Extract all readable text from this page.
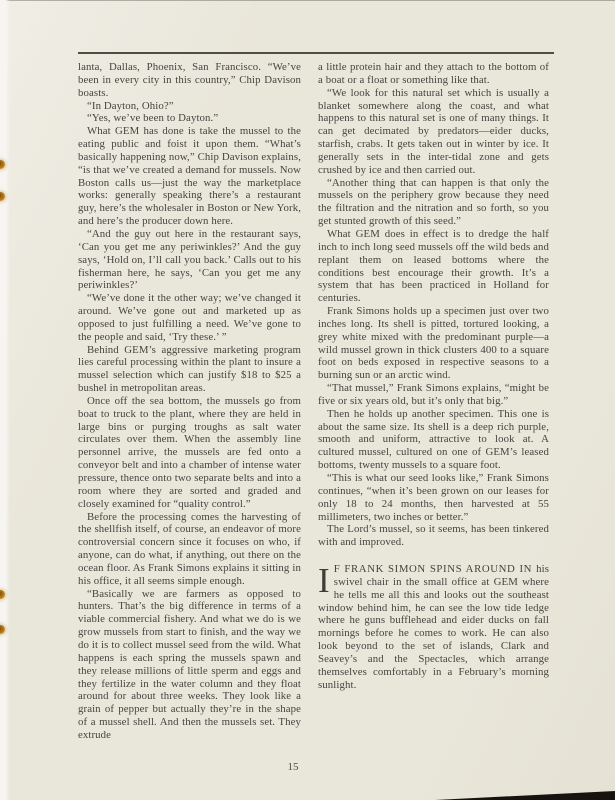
lanta, Dallas, Phoenix, San Francisco. “We’ve been in every city in this country,” Chip Davison boasts.

“In Dayton, Ohio?”

“Yes, we’ve been to Dayton.”

What GEM has done is take the mussel to the eating public and foist it upon them. “What’s basically happening now,” Chip Davison explains, “is that we’ve created a demand for mussels. Now Boston calls us—just the way the marketplace works: generally speaking there’s a restaurant guy, here’s the wholesaler in Boston or New York, and here’s the producer down here.

“And the guy out here in the restaurant says, ‘Can you get me any periwinkles?’ And the guy says, ‘Hold on, I’ll call you back.’ Calls out to his fisherman here, he says, ‘Can you get me any periwinkles?’

“We’ve done it the other way; we’ve changed it around. We’ve gone out and marketed up as opposed to just fulfilling a need. We’ve gone to the people and said, ‘Try these.’ ”

Behind GEM’s aggressive marketing program lies careful processing within the plant to insure a mussel selection which can justify $18 to $25 a bushel in metropolitan areas.

Once off the sea bottom, the mussels go from boat to truck to the plant, where they are held in large bins or purging troughs as salt water circulates over them. When the assembly line personnel arrive, the mussels are fed onto a conveyor belt and into a chamber of intense water pressure, thence onto two separate belts and into a room where they are sorted and graded and closely examined for “quality control.”

Before the processing comes the harvesting of the shellfish itself, of course, an endeavor of more controversial concern since it focuses on who, if anyone, can do what, if anything, out there on the ocean floor. As Frank Simons explains it sitting in his office, it all seems simple enough.

“Basically we are farmers as opposed to hunters. That’s the big difference in terms of a viable commercial fishery. And what we do is we grow mussels from start to finish, and the way we do it is to collect mussel seed from the wild. What happens is each spring the mussels spawn and they release millions of little sperm and eggs and they fertilize in the water column and they float around for about three weeks. They look like a grain of pepper but actually they’re in the shape of a mussel shell. And then the mussels set. They extrude

a little protein hair and they attach to the bottom of a boat or a float or something like that.

“We look for this natural set which is usually a blanket somewhere along the coast, and what happens to this natural set is one of many things. It can get decimated by predators—eider ducks, starfish, crabs. It gets taken out in winter by ice. It generally sets in the inter-tidal zone and gets crushed by ice and then carried out.

“Another thing that can happen is that only the mussels on the periphery grow because they need the filtration and the nitration and so forth, so you get stunted growth of this seed.”

What GEM does in effect is to dredge the half inch to inch long seed mussels off the wild beds and replant them on leased bottoms where the conditions best encourage their growth. It’s a system that has been practiced in Holland for centuries.

Frank Simons holds up a specimen just over two inches long. Its shell is pitted, tortured looking, a grey white mixed with the predominant purple—a wild mussel grown in thick clusters 400 to a square foot on beds exposed in respective seasons to a burning sun or an arctic wind.

“That mussel,” Frank Simons explains, “might be five or six years old, but it’s only that big.”

Then he holds up another specimen. This one is about the same size. Its shell is a deep rich purple, smooth and uniform, attractive to look at. A cultured mussel, cultured on one of GEM’s leased bottoms, twenty mussels to a square foot.

“This is what our seed looks like,” Frank Simons continues, “when it’s been grown on our leases for only 18 to 24 months, then harvested at 55 millimeters, two inches or better.”

The Lord’s mussel, so it seems, has been tinkered with and improved.

I F FRANK SIMON SPINS AROUND IN his swivel chair in the small office at GEM where he tells me all this and looks out the southeast window behind him, he can see the low tide ledge where he guns bufflehead and eider ducks on fall mornings before he comes to work. He can also look beyond to the set of islands, Clark and Seavey’s and the Spectacles, which arrange themselves comfortably in a February’s morning sunlight.

15
